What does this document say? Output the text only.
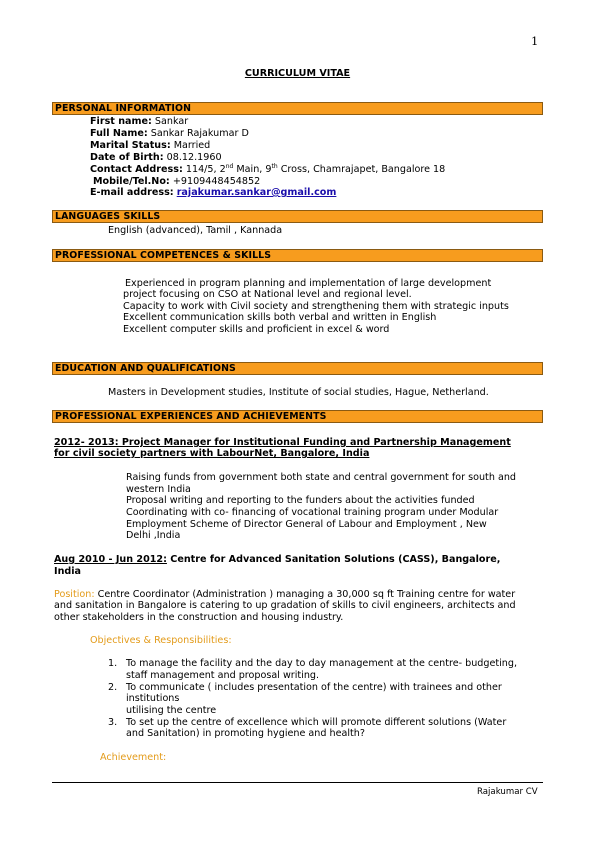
1
CURRICULUM VITAE
PERSONAL INFORMATION
First name: Sankar
Full Name: Sankar Rajakumar D
Marital Status: Married
Date of Birth: 08.12.1960
Contact Address: 114/5, 2nd Main, 9th Cross, Chamrajapet, Bangalore 18
Mobile/Tel.No: +9109448454852
E-mail address: rajakumar.sankar@gmail.com
LANGUAGES SKILLS
English (advanced), Tamil , Kannada
PROFESSIONAL COMPETENCES & SKILLS
Experienced in program planning and implementation of large development
project focusing on CSO at National level and regional level.
Capacity to work with Civil society and strengthening them with strategic inputs
Excellent communication skills both verbal and written in English
Excellent computer skills and proficient in excel & word
EDUCATION AND QUALIFICATIONS
Masters in Development studies, Institute of social studies, Hague, Netherland.
PROFESSIONAL EXPERIENCES AND ACHIEVEMENTS
2012- 2013: Project Manager for Institutional Funding and Partnership Management
for civil society partners with LabourNet, Bangalore, India
Raising funds from government both state and central government for south and
western India
Proposal writing and reporting to the funders about the activities funded
Coordinating with co- financing of vocational training program under Modular
Employment Scheme of Director General of Labour and Employment , New
Delhi ,India
Aug 2010 - Jun 2012: Centre for Advanced Sanitation Solutions (CASS), Bangalore,
India
Position: Centre Coordinator (Administration ) managing a 30,000 sq ft Training centre for water
and sanitation in Bangalore is catering to up gradation of skills to civil engineers, architects and
other stakeholders in the construction and housing industry.
Objectives & Responsibilities:
1. To manage the facility and the day to day management at the centre- budgeting,
staff management and proposal writing.
2. To communicate ( includes presentation of the centre) with trainees and other
institutions
utilising the centre
3. To set up the centre of excellence which will promote different solutions (Water
and Sanitation) in promoting hygiene and health?
Achievement:
Rajakumar CV
